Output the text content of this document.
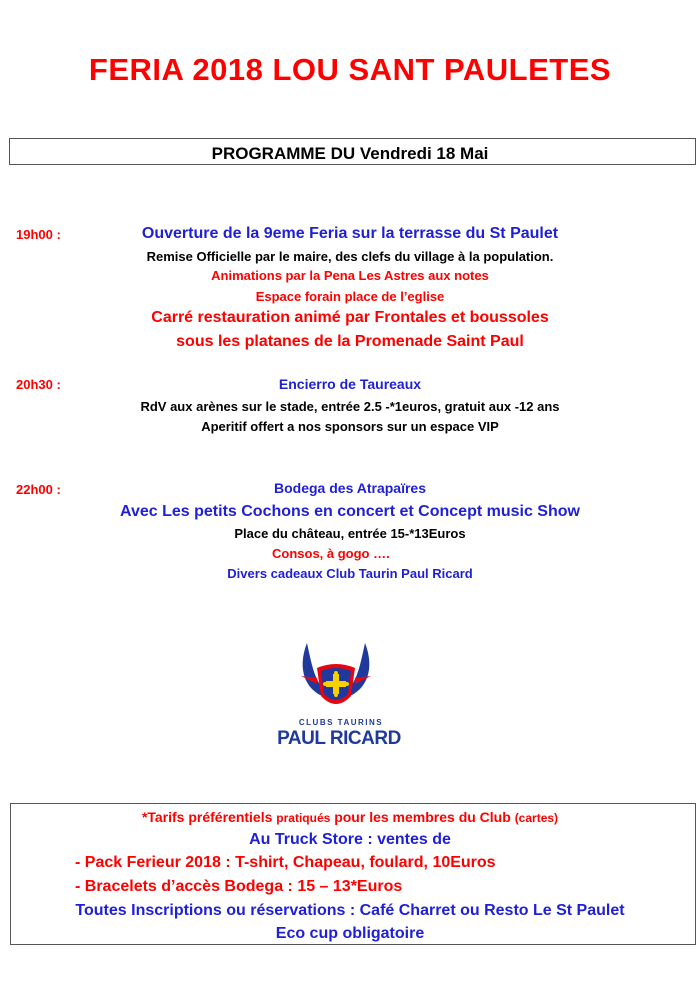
FERIA 2018 LOU SANT PAULETES
PROGRAMME DU Vendredi 18 Mai
19h00 :	Ouverture de la 9eme Feria sur la terrasse du St Paulet
Remise Officielle par le maire, des clefs du village à la population.
Animations par la Pena Les Astres aux notes
Espace forain place de l’eglise
Carré restauration animé par Frontales et boussoles
sous les platanes de la Promenade Saint Paul
20h30 :	Encierro de Taureaux
RdV aux arènes sur le stade, entrée 2.5 -*1euros, gratuit aux -12 ans
Aperitif offert a nos sponsors sur un espace VIP
22h00 :	Bodega des Atrapaïres
Avec Les petits Cochons en concert et Concept music Show
Place du château, entrée 15-*13Euros
Consos, à gogo ….
Divers cadeaux Club Taurin Paul Ricard
CLUBS TAURINS
PAUL RICARD
*Tarifs préférentiels pratiqués pour les membres du Club (cartes)
Au Truck Store : ventes de
- Pack Ferieur 2018 : T-shirt, Chapeau, foulard, 10Euros
- Bracelets d’accès Bodega : 15 – 13*Euros
Toutes Inscriptions ou réservations : Café Charret ou Resto Le St Paulet
Eco cup obligatoire
